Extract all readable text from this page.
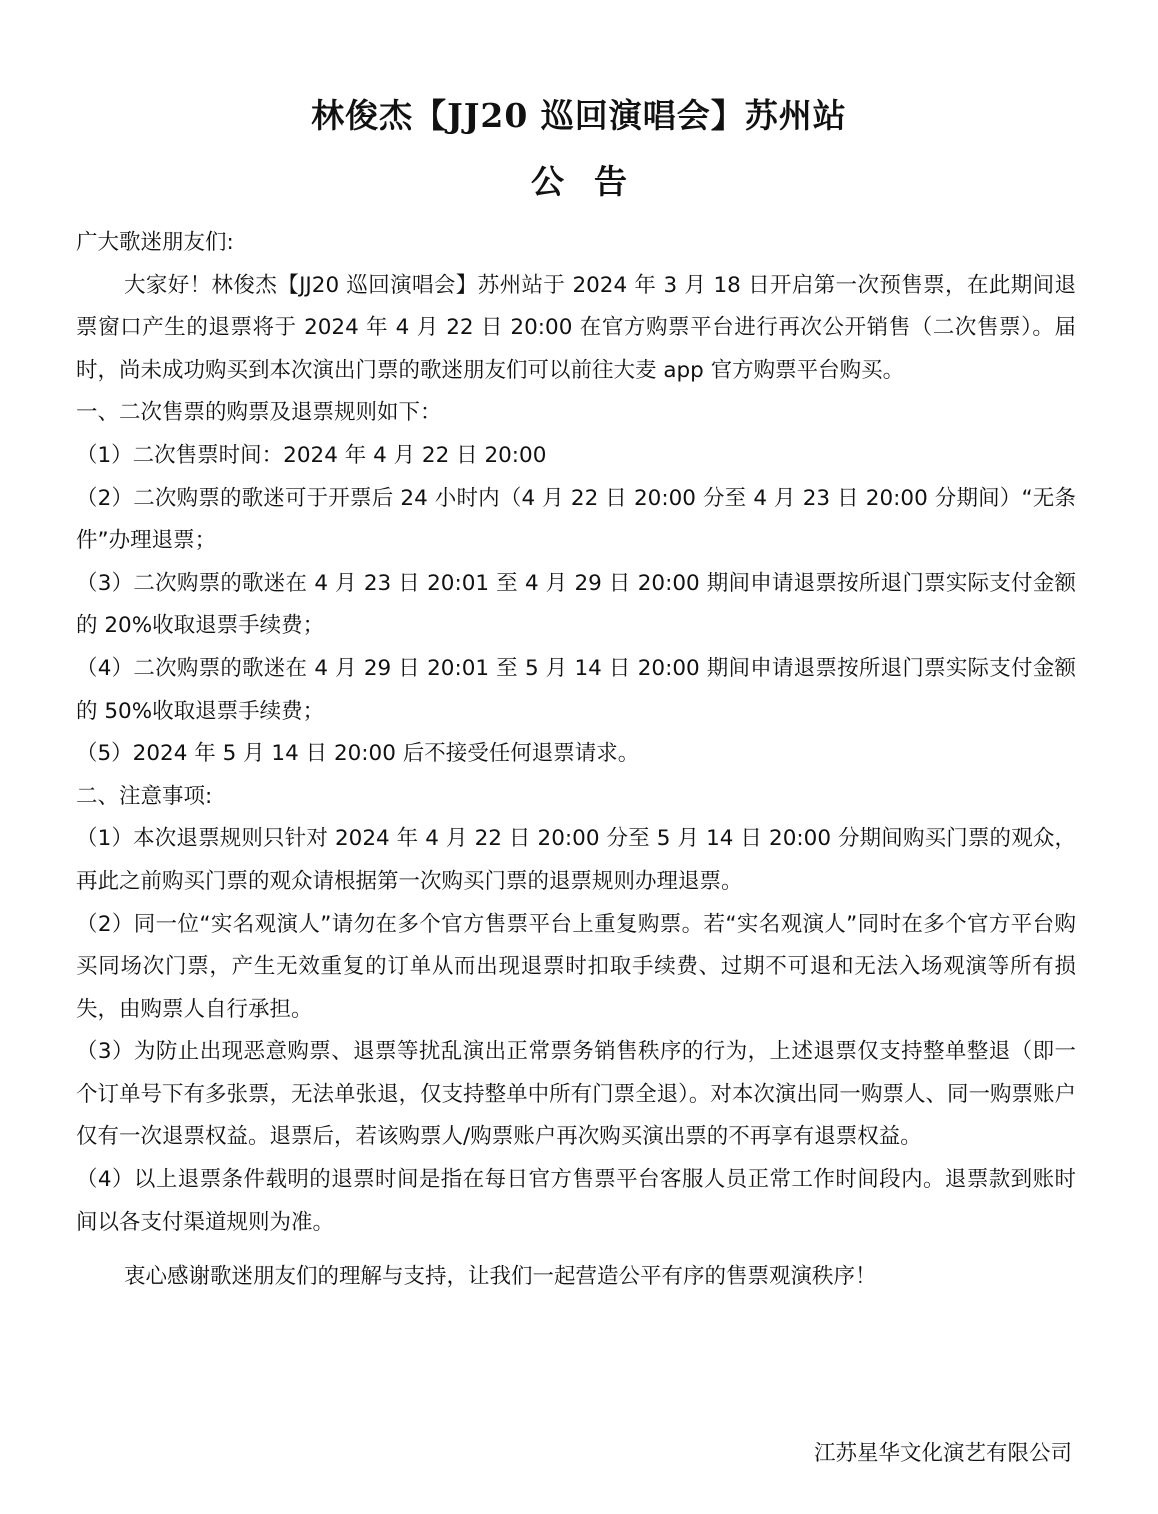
林俊杰【JJ20 巡回演唱会】苏州站
公告

广大歌迷朋友们:

大家好！林俊杰【JJ20 巡回演唱会】苏州站于 2024 年 3 月 18 日开启第一次预售票，在此期间退票窗口产生的退票将于 2024 年 4 月 22 日 20:00 在官方购票平台进行再次公开销售（二次售票）。届时，尚未成功购买到本次演出门票的歌迷朋友们可以前往大麦 app 官方购票平台购买。

一、二次售票的购票及退票规则如下：

（1）二次售票时间：2024 年 4 月 22 日 20:00

（2）二次购票的歌迷可于开票后 24 小时内（4 月 22 日 20:00 分至 4 月 23 日 20:00 分期间）“无条件”办理退票；

（3）二次购票的歌迷在 4 月 23 日 20:01 至 4 月 29 日 20:00 期间申请退票按所退门票实际支付金额的 20%收取退票手续费；

（4）二次购票的歌迷在 4 月 29 日 20:01 至 5 月 14 日 20:00 期间申请退票按所退门票实际支付金额的 50%收取退票手续费；

（5）2024 年 5 月 14 日 20:00 后不接受任何退票请求。

二、注意事项:

（1）本次退票规则只针对 2024 年 4 月 22 日 20:00 分至 5 月 14 日 20:00 分期间购买门票的观众，再此之前购买门票的观众请根据第一次购买门票的退票规则办理退票。

（2）同一位“实名观演人”请勿在多个官方售票平台上重复购票。若“实名观演人”同时在多个官方平台购买同场次门票，产生无效重复的订单从而出现退票时扣取手续费、过期不可退和无法入场观演等所有损失，由购票人自行承担。

（3）为防止出现恶意购票、退票等扰乱演出正常票务销售秩序的行为，上述退票仅支持整单整退（即一个订单号下有多张票，无法单张退，仅支持整单中所有门票全退）。对本次演出同一购票人、同一购票账户仅有一次退票权益。退票后，若该购票人/购票账户再次购买演出票的不再享有退票权益。

（4）以上退票条件载明的退票时间是指在每日官方售票平台客服人员正常工作时间段内。退票款到账时间以各支付渠道规则为准。

衷心感谢歌迷朋友们的理解与支持，让我们一起营造公平有序的售票观演秩序！

江苏星华文化演艺有限公司
